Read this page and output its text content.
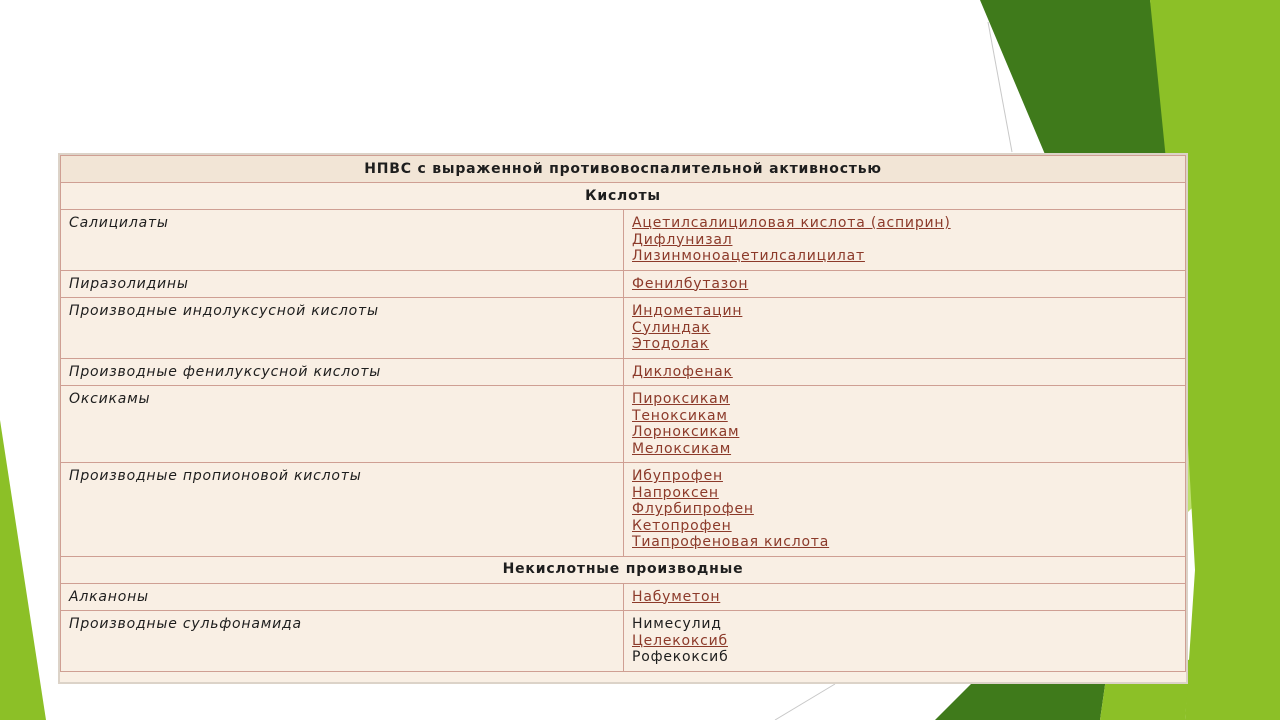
НПВС с выраженной противовоспалительной активностью	
Кислоты	
Салицилаты	Ацетилсалициловая кислота (аспирин)
Дифлунизал
Лизинмоноацетилсалицилат

Пиразолидины	Фенилбутазон

Производные индолуксусной кислоты	Индометацин
Сулиндак
Этодолак

Производные фенилуксусной кислоты	Диклофенак

Оксикамы	Пироксикам
Теноксикам
Лорноксикам
Мелоксикам

Производные пропионовой кислоты	Ибупрофен
Напроксен
Флурбипрофен
Кетопрофен
Тиапрофеновая кислота

Некислотные производные	
Алканоны	Набуметон

Производные сульфонамида	Нимесулид
Целекоксиб
Рофекоксиб
